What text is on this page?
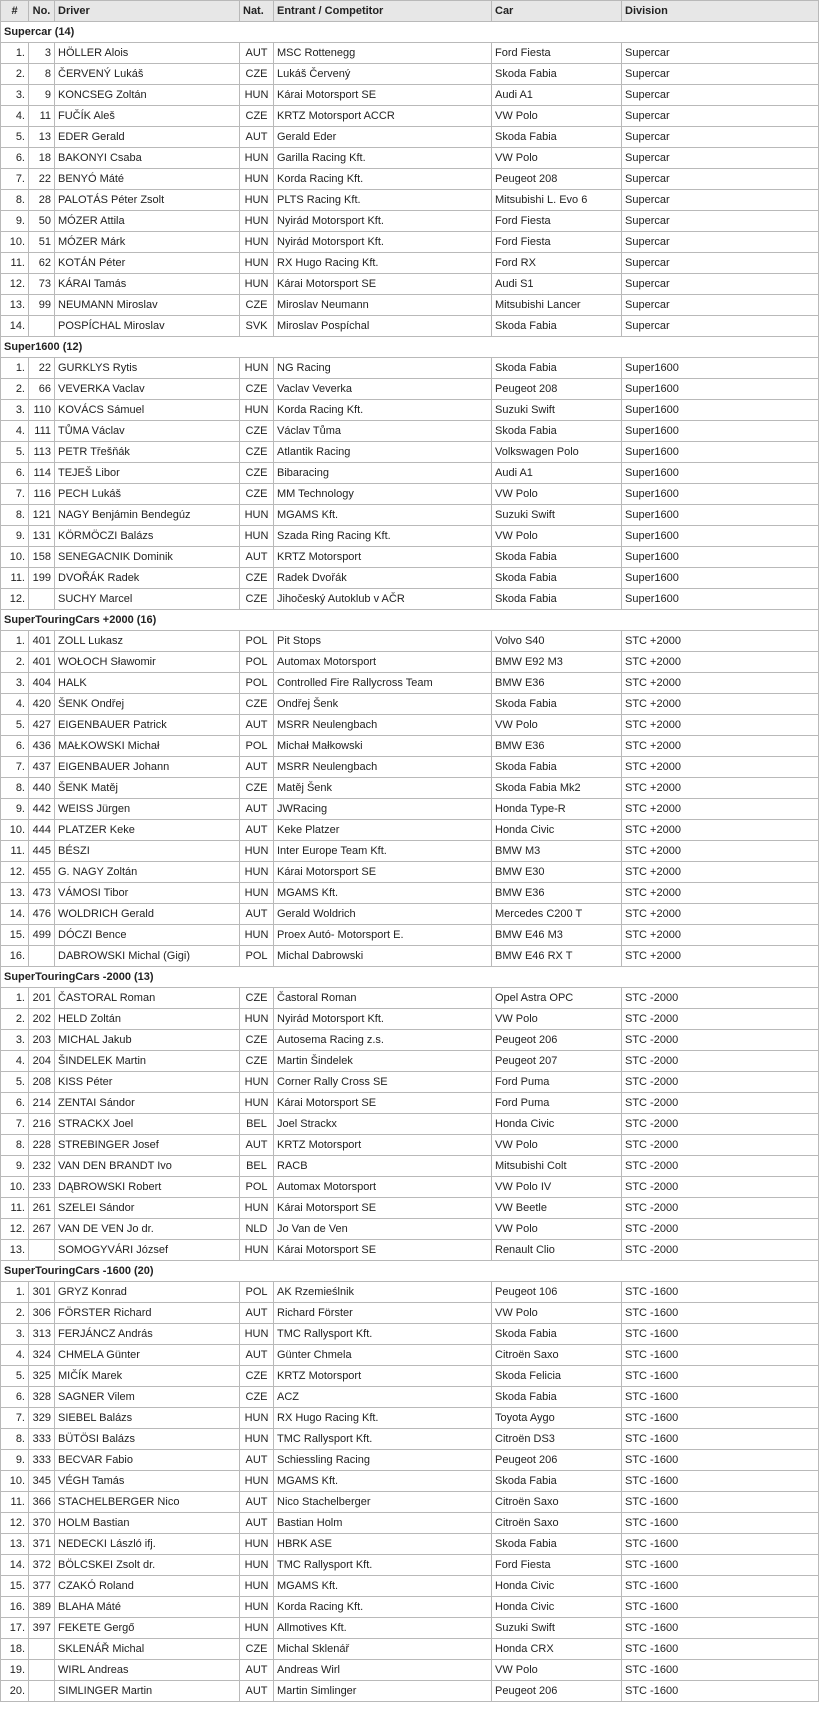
#	No.	Driver	Nat.	Entrant / Competitor	Car	Division
Supercar (14)						
1.	3	HÖLLER Alois	AUT	MSC Rottenegg	Ford Fiesta	Supercar
2.	8	ČERVENÝ Lukáš	CZE	Lukáš Červený	Skoda Fabia	Supercar
3.	9	KONCSEG Zoltán	HUN	Kárai Motorsport SE	Audi A1	Supercar
4.	11	FUČÍK Aleš	CZE	KRTZ Motorsport ACCR	VW Polo	Supercar
5.	13	EDER Gerald	AUT	Gerald Eder	Skoda Fabia	Supercar
6.	18	BAKONYI Csaba	HUN	Garilla Racing Kft.	VW Polo	Supercar
7.	22	BENYÓ Máté	HUN	Korda Racing Kft.	Peugeot 208	Supercar
8.	28	PALOTÁS Péter Zsolt	HUN	PLTS Racing Kft.	Mitsubishi L. Evo 6	Supercar
9.	50	MÓZER Attila	HUN	Nyirád Motorsport Kft.	Ford Fiesta	Supercar
10.	51	MÓZER Márk	HUN	Nyirád Motorsport Kft.	Ford Fiesta	Supercar
11.	62	KOTÁN Péter	HUN	RX Hugo Racing Kft.	Ford RX	Supercar
12.	73	KÁRAI Tamás	HUN	Kárai Motorsport SE	Audi S1	Supercar
13.	99	NEUMANN Miroslav	CZE	Miroslav Neumann	Mitsubishi Lancer	Supercar
14.		POSPÍCHAL Miroslav	SVK	Miroslav Pospíchal	Skoda Fabia	Supercar
Super1600 (12)						
1.	22	GURKLYS Rytis	HUN	NG Racing	Skoda Fabia	Super1600
2.	66	VEVERKA Vaclav	CZE	Vaclav Veverka	Peugeot 208	Super1600
3.	110	KOVÁCS Sámuel	HUN	Korda Racing Kft.	Suzuki Swift	Super1600
4.	111	TŮMA Václav	CZE	Václav Tůma	Skoda Fabia	Super1600
5.	113	PETR Třešňák	CZE	Atlantik Racing	Volkswagen Polo	Super1600
6.	114	TEJEŠ Libor	CZE	Bibaracing	Audi A1	Super1600
7.	116	PECH Lukáš	CZE	MM Technology	VW Polo	Super1600
8.	121	NAGY Benjámin Bendegúz	HUN	MGAMS Kft.	Suzuki Swift	Super1600
9.	131	KÖRMÖCZI Balázs	HUN	Szada Ring Racing Kft.	VW Polo	Super1600
10.	158	SENEGACNIK Dominik	AUT	KRTZ Motorsport	Skoda Fabia	Super1600
11.	199	DVOŘÁK Radek	CZE	Radek Dvořák	Skoda Fabia	Super1600
12.		SUCHY Marcel	CZE	Jihočeský Autoklub v AČR	Skoda Fabia	Super1600
SuperTouringCars +2000 (16)						
1.	401	ZOLL Lukasz	POL	Pit Stops	Volvo S40	STC +2000
2.	401	WOŁOCH Sławomir	POL	Automax Motorsport	BMW E92 M3	STC +2000
3.	404	HALK	POL	Controlled Fire Rallycross Team	BMW E36	STC +2000
4.	420	ŠENK Ondřej	CZE	Ondřej Šenk	Skoda Fabia	STC +2000
5.	427	EIGENBAUER Patrick	AUT	MSRR Neulengbach	VW Polo	STC +2000
6.	436	MAŁKOWSKI Michał	POL	Michał Małkowski	BMW E36	STC +2000
7.	437	EIGENBAUER Johann	AUT	MSRR Neulengbach	Skoda Fabia	STC +2000
8.	440	ŠENK Matěj	CZE	Matěj Šenk	Skoda Fabia Mk2	STC +2000
9.	442	WEISS Jürgen	AUT	JWRacing	Honda Type-R	STC +2000
10.	444	PLATZER Keke	AUT	Keke Platzer	Honda Civic	STC +2000
11.	445	BÉSZI	HUN	Inter Europe Team Kft.	BMW M3	STC +2000
12.	455	G. NAGY Zoltán	HUN	Kárai Motorsport SE	BMW E30	STC +2000
13.	473	VÁMOSI Tibor	HUN	MGAMS Kft.	BMW E36	STC +2000
14.	476	WOLDRICH Gerald	AUT	Gerald Woldrich	Mercedes C200 T	STC +2000
15.	499	DÓCZI Bence	HUN	Proex Autó- Motorsport E.	BMW E46 M3	STC +2000
16.		DABROWSKI Michal (Gigi)	POL	Michal Dabrowski	BMW E46 RX T	STC +2000
SuperTouringCars -2000 (13)						
1.	201	ČASTORAL Roman	CZE	Častoral Roman	Opel Astra OPC	STC -2000
2.	202	HELD Zoltán	HUN	Nyirád Motorsport Kft.	VW Polo	STC -2000
3.	203	MICHAL Jakub	CZE	Autosema Racing z.s.	Peugeot 206	STC -2000
4.	204	ŠINDELEK Martin	CZE	Martin Šindelek	Peugeot 207	STC -2000
5.	208	KISS Péter	HUN	Corner Rally Cross SE	Ford Puma	STC -2000
6.	214	ZENTAI Sándor	HUN	Kárai Motorsport SE	Ford Puma	STC -2000
7.	216	STRACKX Joel	BEL	Joel Strackx	Honda Civic	STC -2000
8.	228	STREBINGER Josef	AUT	KRTZ Motorsport	VW Polo	STC -2000
9.	232	VAN DEN BRANDT Ivo	BEL	RACB	Mitsubishi Colt	STC -2000
10.	233	DĄBROWSKI Robert	POL	Automax Motorsport	VW Polo IV	STC -2000
11.	261	SZELEI Sándor	HUN	Kárai Motorsport SE	VW Beetle	STC -2000
12.	267	VAN DE VEN Jo dr.	NLD	Jo Van de Ven	VW Polo	STC -2000
13.		SOMOGYVÁRI József	HUN	Kárai Motorsport SE	Renault Clio	STC -2000
SuperTouringCars -1600 (20)						
1.	301	GRYZ Konrad	POL	AK Rzemieślnik	Peugeot 106	STC -1600
2.	306	FÖRSTER Richard	AUT	Richard Förster	VW Polo	STC -1600
3.	313	FERJÁNCZ András	HUN	TMC Rallysport Kft.	Skoda Fabia	STC -1600
4.	324	CHMELA Günter	AUT	Günter Chmela	Citroën Saxo	STC -1600
5.	325	MIČÍK Marek	CZE	KRTZ Motorsport	Skoda Felicia	STC -1600
6.	328	SAGNER Vilem	CZE	ACZ	Skoda Fabia	STC -1600
7.	329	SIEBEL Balázs	HUN	RX Hugo Racing Kft.	Toyota Aygo	STC -1600
8.	333	BÜTÖSI Balázs	HUN	TMC Rallysport Kft.	Citroën DS3	STC -1600
9.	333	BECVAR Fabio	AUT	Schiessling Racing	Peugeot 206	STC -1600
10.	345	VÉGH Tamás	HUN	MGAMS Kft.	Skoda Fabia	STC -1600
11.	366	STACHELBERGER Nico	AUT	Nico Stachelberger	Citroën Saxo	STC -1600
12.	370	HOLM Bastian	AUT	Bastian Holm	Citroën Saxo	STC -1600
13.	371	NEDECKI László ifj.	HUN	HBRK ASE	Skoda Fabia	STC -1600
14.	372	BÖLCSKEI Zsolt dr.	HUN	TMC Rallysport Kft.	Ford Fiesta	STC -1600
15.	377	CZAKÓ Roland	HUN	MGAMS Kft.	Honda Civic	STC -1600
16.	389	BLAHA Máté	HUN	Korda Racing Kft.	Honda Civic	STC -1600
17.	397	FEKETE Gergő	HUN	Allmotives Kft.	Suzuki Swift	STC -1600
18.		SKLENÁŘ Michal	CZE	Michal Sklenář	Honda CRX	STC -1600
19.		WIRL Andreas	AUT	Andreas Wirl	VW Polo	STC -1600
20.		SIMLINGER Martin	AUT	Martin Simlinger	Peugeot 206	STC -1600
